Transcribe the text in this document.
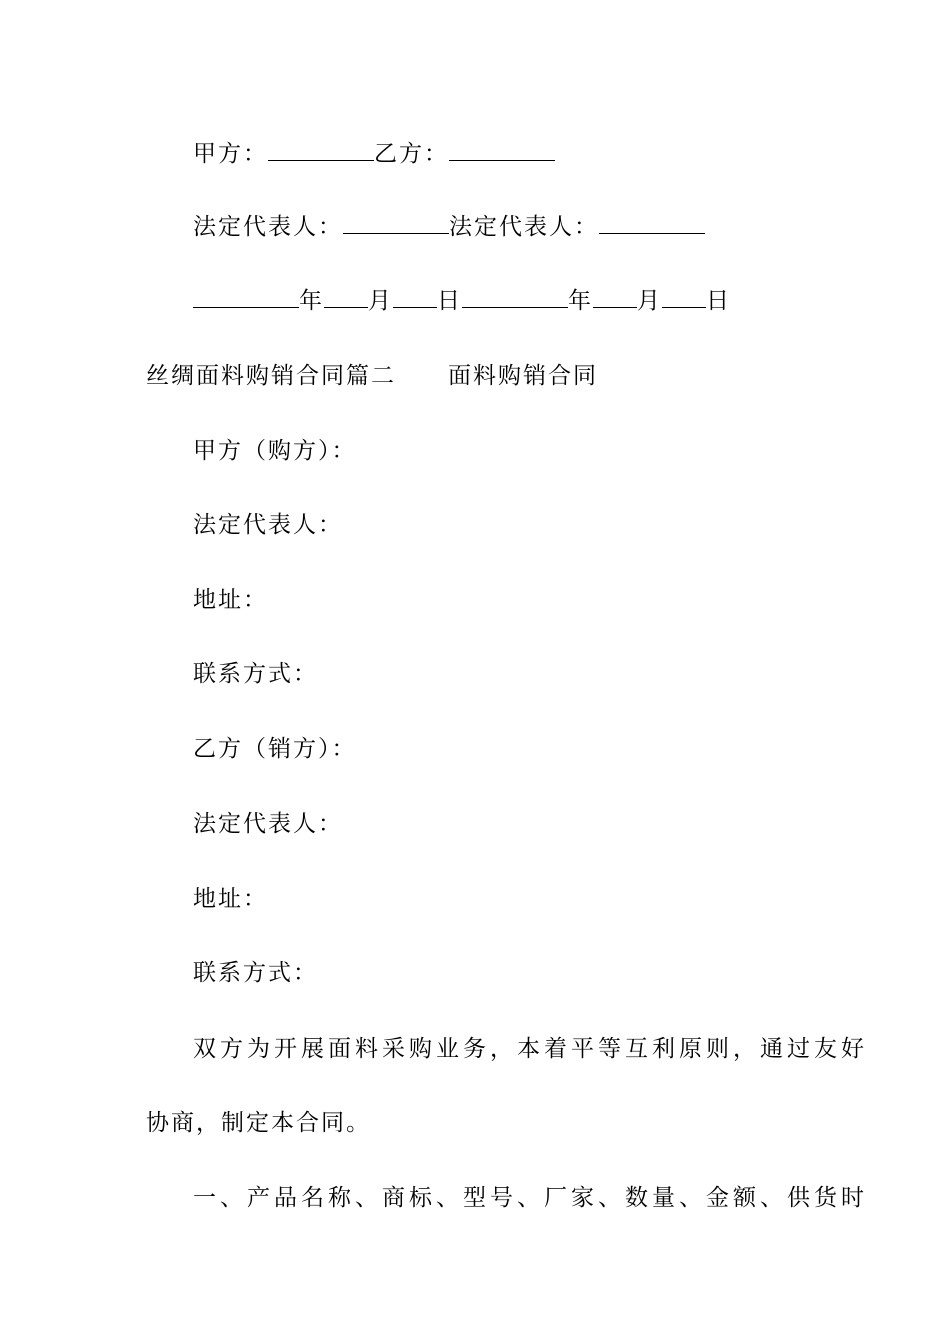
甲方：	乙方：
法定代表人：	法定代表人：
年 月 日	年 月 日
丝绸面料购销合同篇二 面料购销合同
甲方（购方）：
法定代表人：
地址：
联系方式：
乙方（销方）：
法定代表人：
地址：
联系方式：
双方为开展面料采购业务，本着平等互利原则，通过友好
协商，制定本合同。
一、产品名称、商标、型号、厂家、数量、金额、供货时
